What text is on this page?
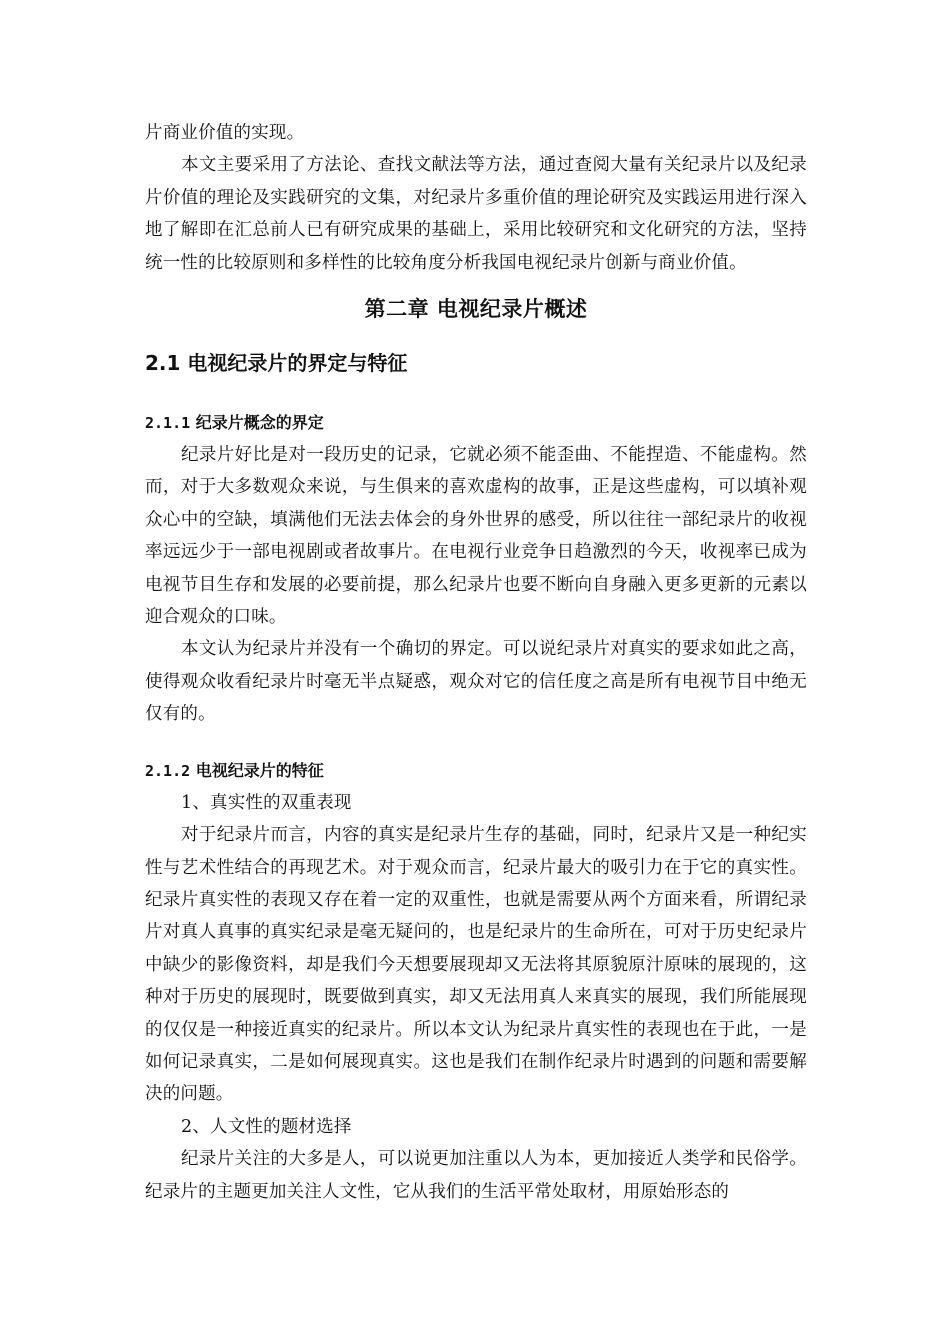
片商业价值的实现。

本文主要采用了方法论、查找文献法等方法，通过查阅大量有关纪录片以及纪录片价值的理论及实践研究的文集，对纪录片多重价值的理论研究及实践运用进行深入地了解即在汇总前人已有研究成果的基础上，采用比较研究和文化研究的方法，坚持统一性的比较原则和多样性的比较角度分析我国电视纪录片创新与商业价值。

第二章 电视纪录片概述
2.1 电视纪录片的界定与特征
2.1.1 纪录片概念的界定

纪录片好比是对一段历史的记录，它就必须不能歪曲、不能捏造、不能虚构。然而，对于大多数观众来说，与生俱来的喜欢虚构的故事，正是这些虚构，可以填补观众心中的空缺，填满他们无法去体会的身外世界的感受，所以往往一部纪录片的收视率远远少于一部电视剧或者故事片。在电视行业竞争日趋激烈的今天，收视率已成为电视节目生存和发展的必要前提，那么纪录片也要不断向自身融入更多更新的元素以迎合观众的口味。

本文认为纪录片并没有一个确切的界定。可以说纪录片对真实的要求如此之高，使得观众收看纪录片时毫无半点疑惑，观众对它的信任度之高是所有电视节目中绝无仅有的。

2.1.2 电视纪录片的特征

1、真实性的双重表现

对于纪录片而言，内容的真实是纪录片生存的基础，同时，纪录片又是一种纪实性与艺术性结合的再现艺术。对于观众而言，纪录片最大的吸引力在于它的真实性。纪录片真实性的表现又存在着一定的双重性，也就是需要从两个方面来看，所谓纪录片对真人真事的真实纪录是毫无疑问的，也是纪录片的生命所在，可对于历史纪录片中缺少的影像资料，却是我们今天想要展现却又无法将其原貌原汁原味的展现的，这种对于历史的展现时，既要做到真实，却又无法用真人来真实的展现，我们所能展现的仅仅是一种接近真实的纪录片。所以本文认为纪录片真实性的表现也在于此，一是如何记录真实，二是如何展现真实。这也是我们在制作纪录片时遇到的问题和需要解决的问题。

2、人文性的题材选择

纪录片关注的大多是人，可以说更加注重以人为本，更加接近人类学和民俗学。纪录片的主题更加关注人文性，它从我们的生活平常处取材，用原始形态的
